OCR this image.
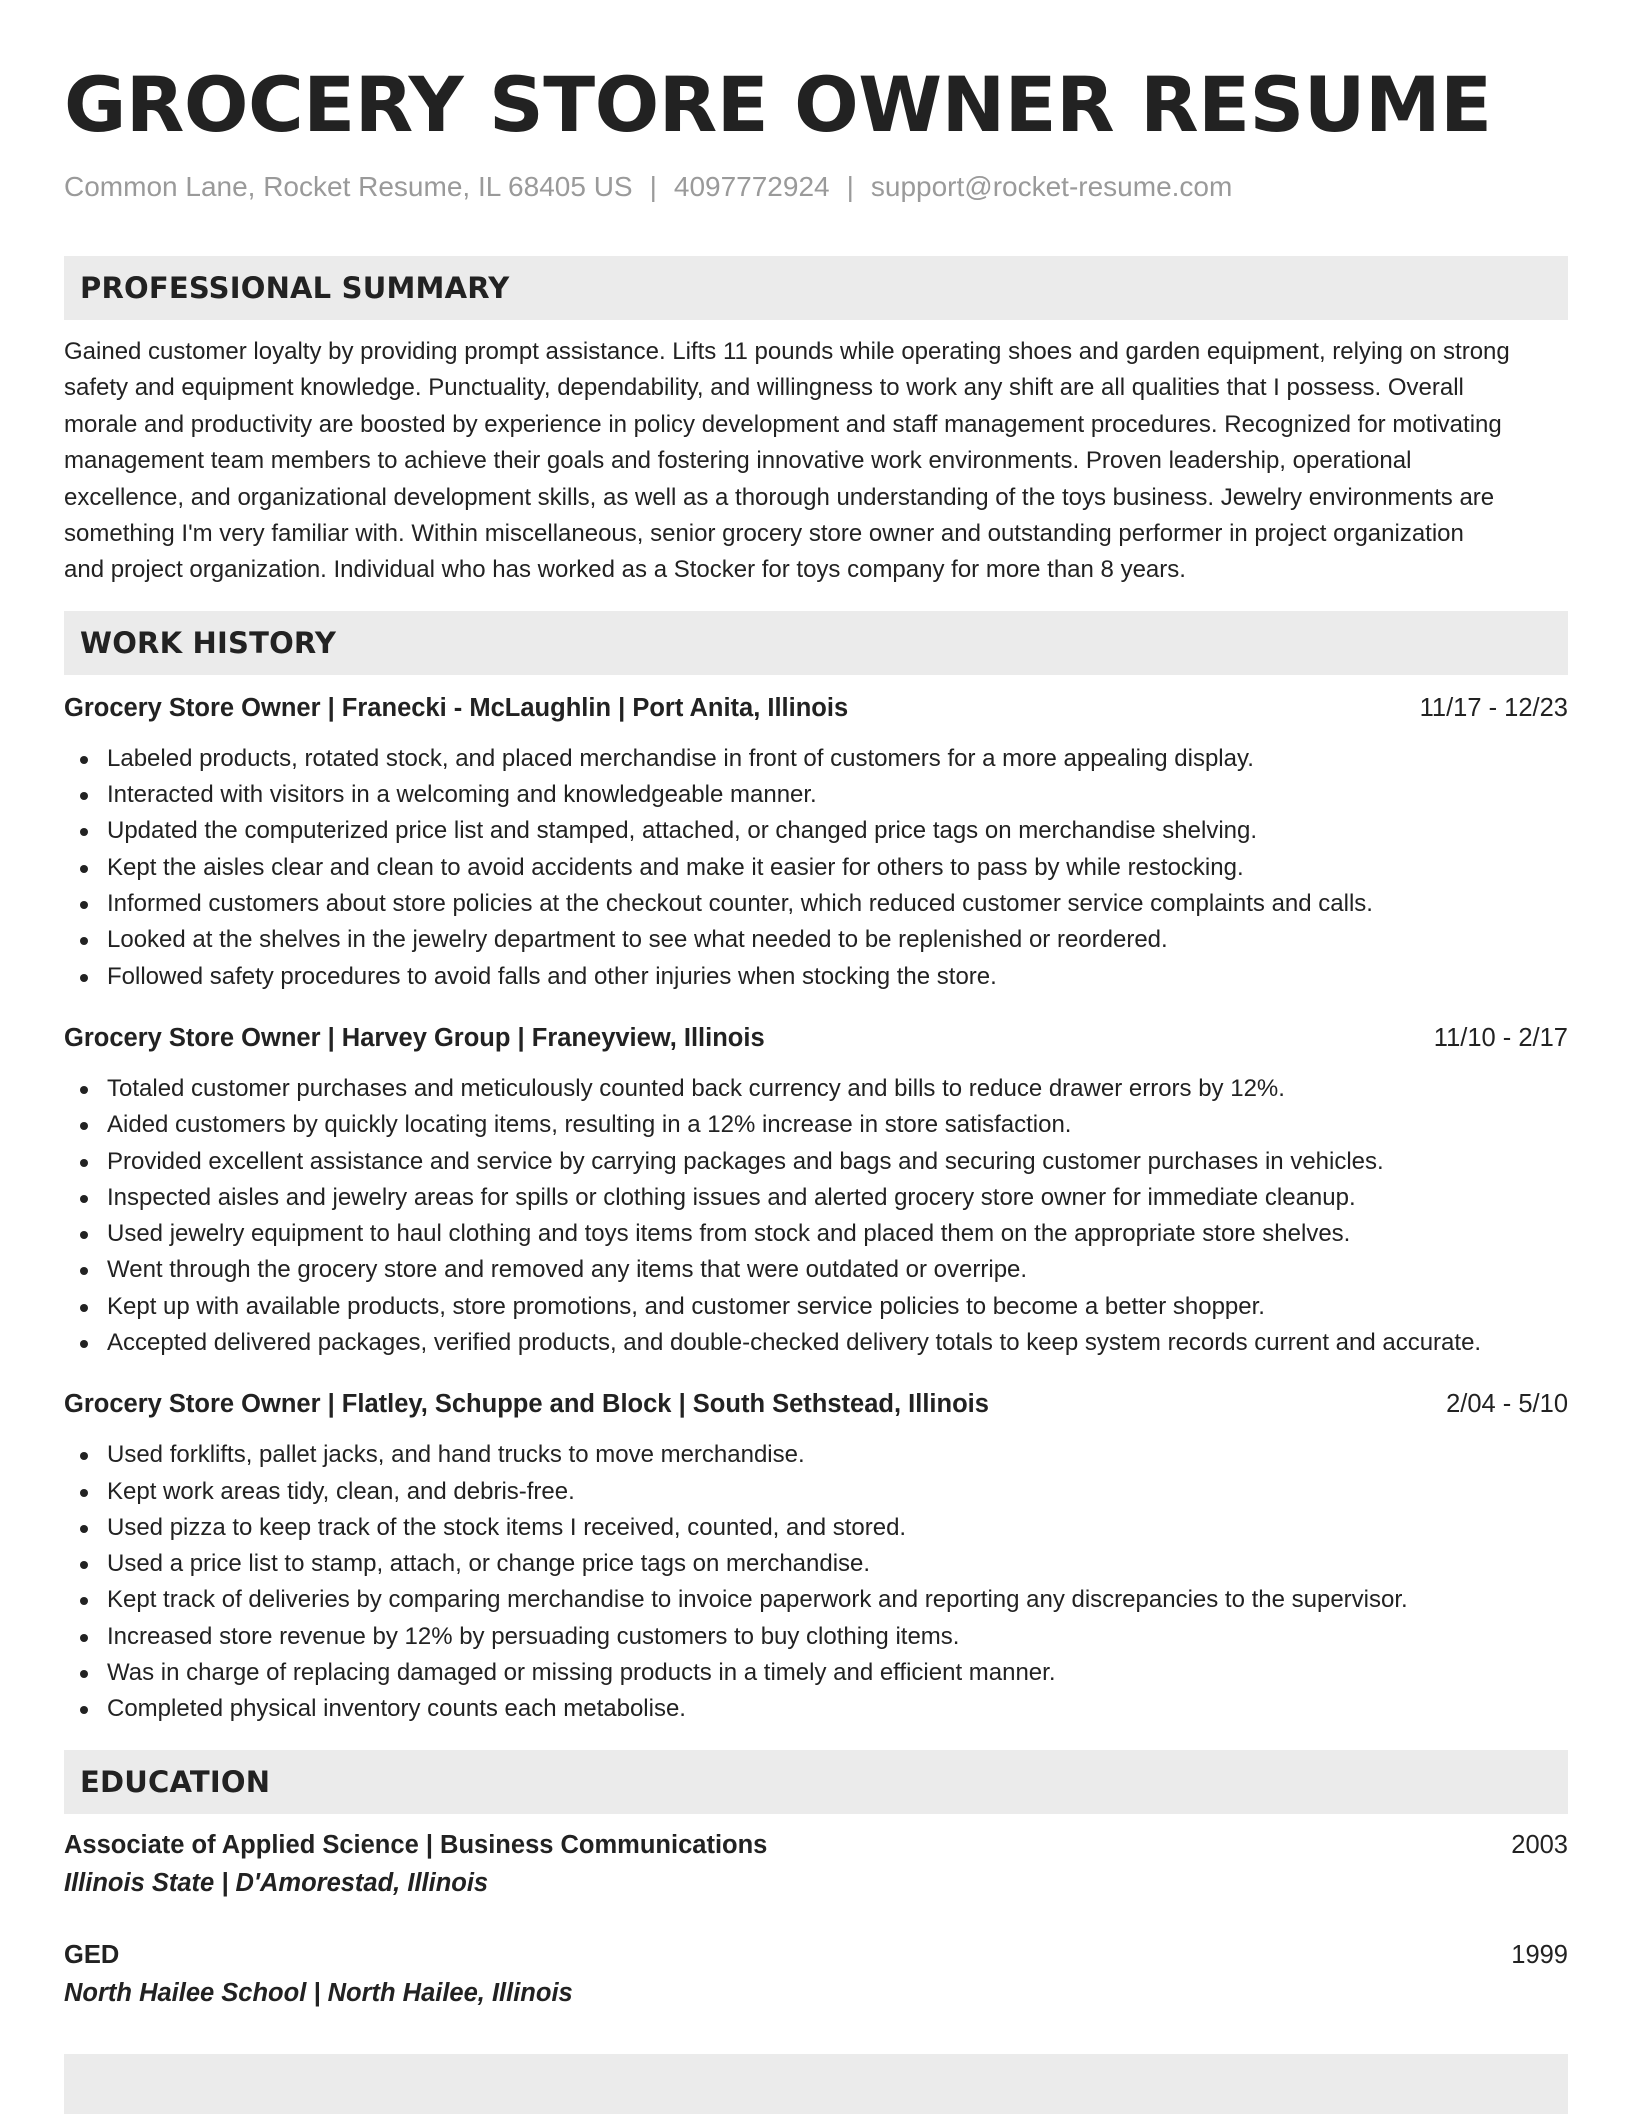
GROCERY STORE OWNER RESUME
Common Lane, Rocket Resume, IL 68405 US | 4097772924 | support@rocket-resume.com
PROFESSIONAL SUMMARY
Gained customer loyalty by providing prompt assistance. Lifts 11 pounds while operating shoes and garden equipment, relying on strong
safety and equipment knowledge. Punctuality, dependability, and willingness to work any shift are all qualities that I possess. Overall
morale and productivity are boosted by experience in policy development and staff management procedures. Recognized for motivating
management team members to achieve their goals and fostering innovative work environments. Proven leadership, operational
excellence, and organizational development skills, as well as a thorough understanding of the toys business. Jewelry environments are
something I'm very familiar with. Within miscellaneous, senior grocery store owner and outstanding performer in project organization
and project organization. Individual who has worked as a Stocker for toys company for more than 8 years.
WORK HISTORY
Grocery Store Owner | Franecki - McLaughlin | Port Anita, Illinois	11/17 - 12/23
Labeled products, rotated stock, and placed merchandise in front of customers for a more appealing display.
Interacted with visitors in a welcoming and knowledgeable manner.
Updated the computerized price list and stamped, attached, or changed price tags on merchandise shelving.
Kept the aisles clear and clean to avoid accidents and make it easier for others to pass by while restocking.
Informed customers about store policies at the checkout counter, which reduced customer service complaints and calls.
Looked at the shelves in the jewelry department to see what needed to be replenished or reordered.
Followed safety procedures to avoid falls and other injuries when stocking the store.
Grocery Store Owner | Harvey Group | Franeyview, Illinois	11/10 - 2/17
Totaled customer purchases and meticulously counted back currency and bills to reduce drawer errors by 12%.
Aided customers by quickly locating items, resulting in a 12% increase in store satisfaction.
Provided excellent assistance and service by carrying packages and bags and securing customer purchases in vehicles.
Inspected aisles and jewelry areas for spills or clothing issues and alerted grocery store owner for immediate cleanup.
Used jewelry equipment to haul clothing and toys items from stock and placed them on the appropriate store shelves.
Went through the grocery store and removed any items that were outdated or overripe.
Kept up with available products, store promotions, and customer service policies to become a better shopper.
Accepted delivered packages, verified products, and double-checked delivery totals to keep system records current and accurate.
Grocery Store Owner | Flatley, Schuppe and Block | South Sethstead, Illinois	2/04 - 5/10
Used forklifts, pallet jacks, and hand trucks to move merchandise.
Kept work areas tidy, clean, and debris-free.
Used pizza to keep track of the stock items I received, counted, and stored.
Used a price list to stamp, attach, or change price tags on merchandise.
Kept track of deliveries by comparing merchandise to invoice paperwork and reporting any discrepancies to the supervisor.
Increased store revenue by 12% by persuading customers to buy clothing items.
Was in charge of replacing damaged or missing products in a timely and efficient manner.
Completed physical inventory counts each metabolise.
EDUCATION
Associate of Applied Science | Business Communications	2003
Illinois State | D'Amorestad, Illinois
GED	1999
North Hailee School | North Hailee, Illinois
